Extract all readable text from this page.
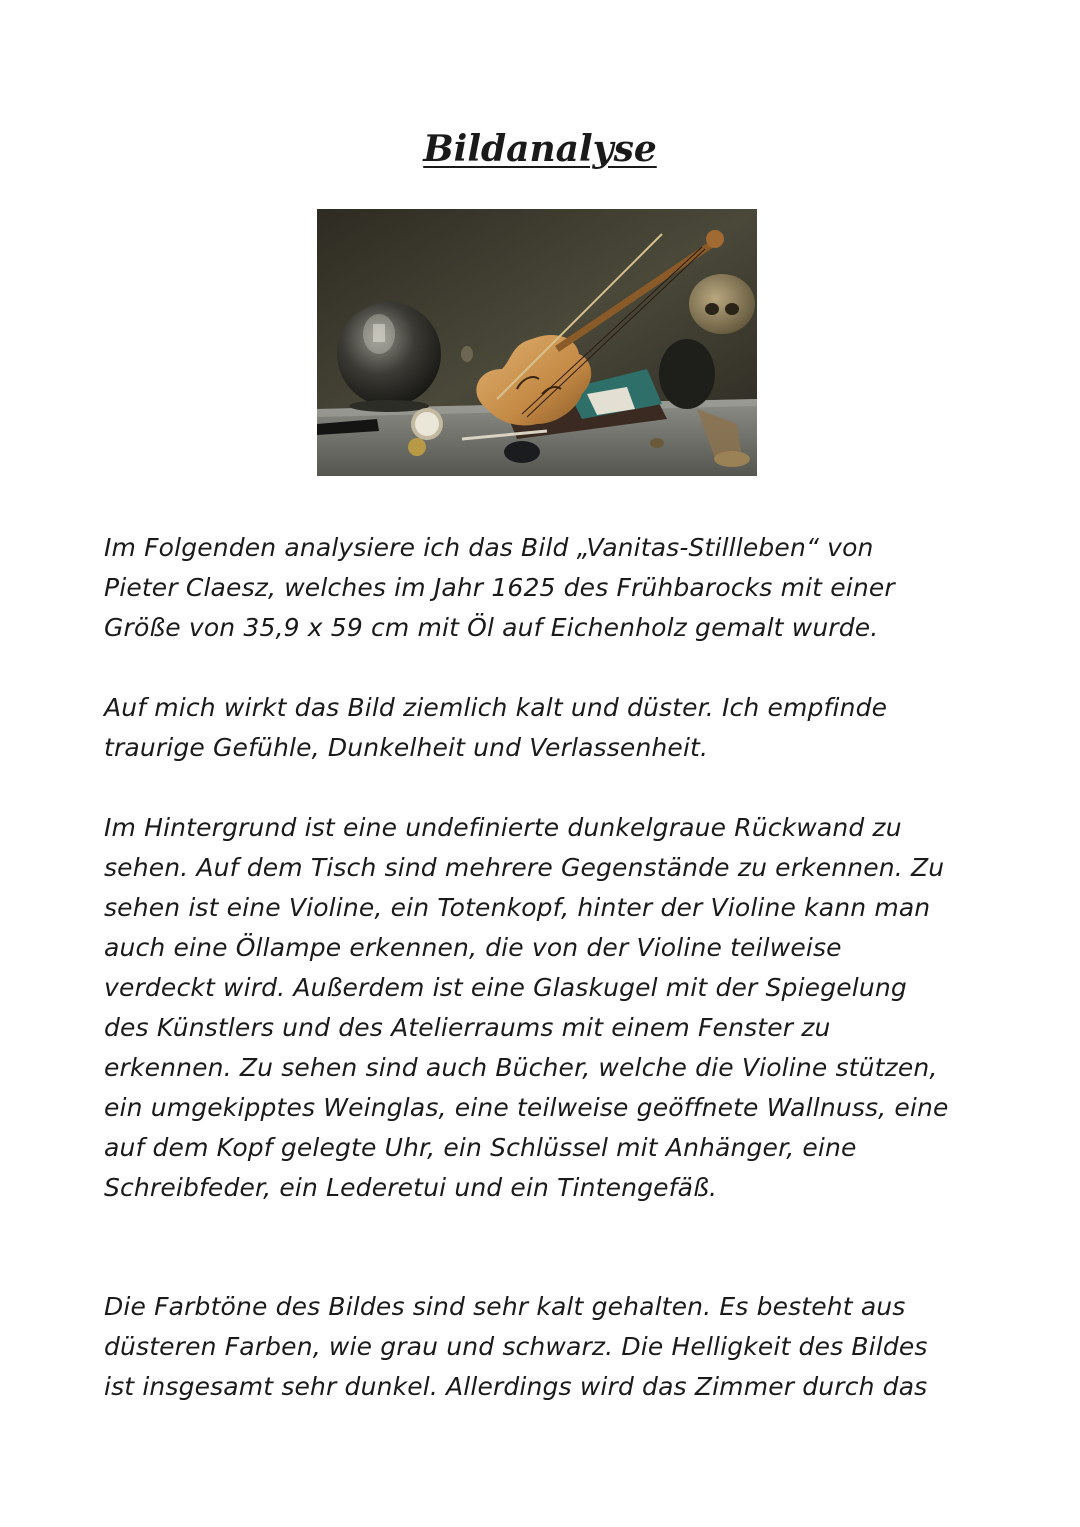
Bildanalyse

Im Folgenden analysiere ich das Bild „Vanitas-Stillleben“ von
Pieter Claesz, welches im Jahr 1625 des Frühbarocks mit einer
Größe von 35,9 x 59 cm mit Öl auf Eichenholz gemalt wurde.

Auf mich wirkt das Bild ziemlich kalt und düster. Ich empfinde
traurige Gefühle, Dunkelheit und Verlassenheit.

Im Hintergrund ist eine undefinierte dunkelgraue Rückwand zu
sehen. Auf dem Tisch sind mehrere Gegenstände zu erkennen. Zu
sehen ist eine Violine, ein Totenkopf, hinter der Violine kann man
auch eine Öllampe erkennen, die von der Violine teilweise
verdeckt wird. Außerdem ist eine Glaskugel mit der Spiegelung
des Künstlers und des Atelierraums mit einem Fenster zu
erkennen. Zu sehen sind auch Bücher, welche die Violine stützen,
ein umgekipptes Weinglas, eine teilweise geöffnete Wallnuss, eine
auf dem Kopf gelegte Uhr, ein Schlüssel mit Anhänger, eine
Schreibfeder, ein Lederetui und ein Tintengefäß.

Die Farbtöne des Bildes sind sehr kalt gehalten. Es besteht aus
düsteren Farben, wie grau und schwarz. Die Helligkeit des Bildes
ist insgesamt sehr dunkel. Allerdings wird das Zimmer durch das
